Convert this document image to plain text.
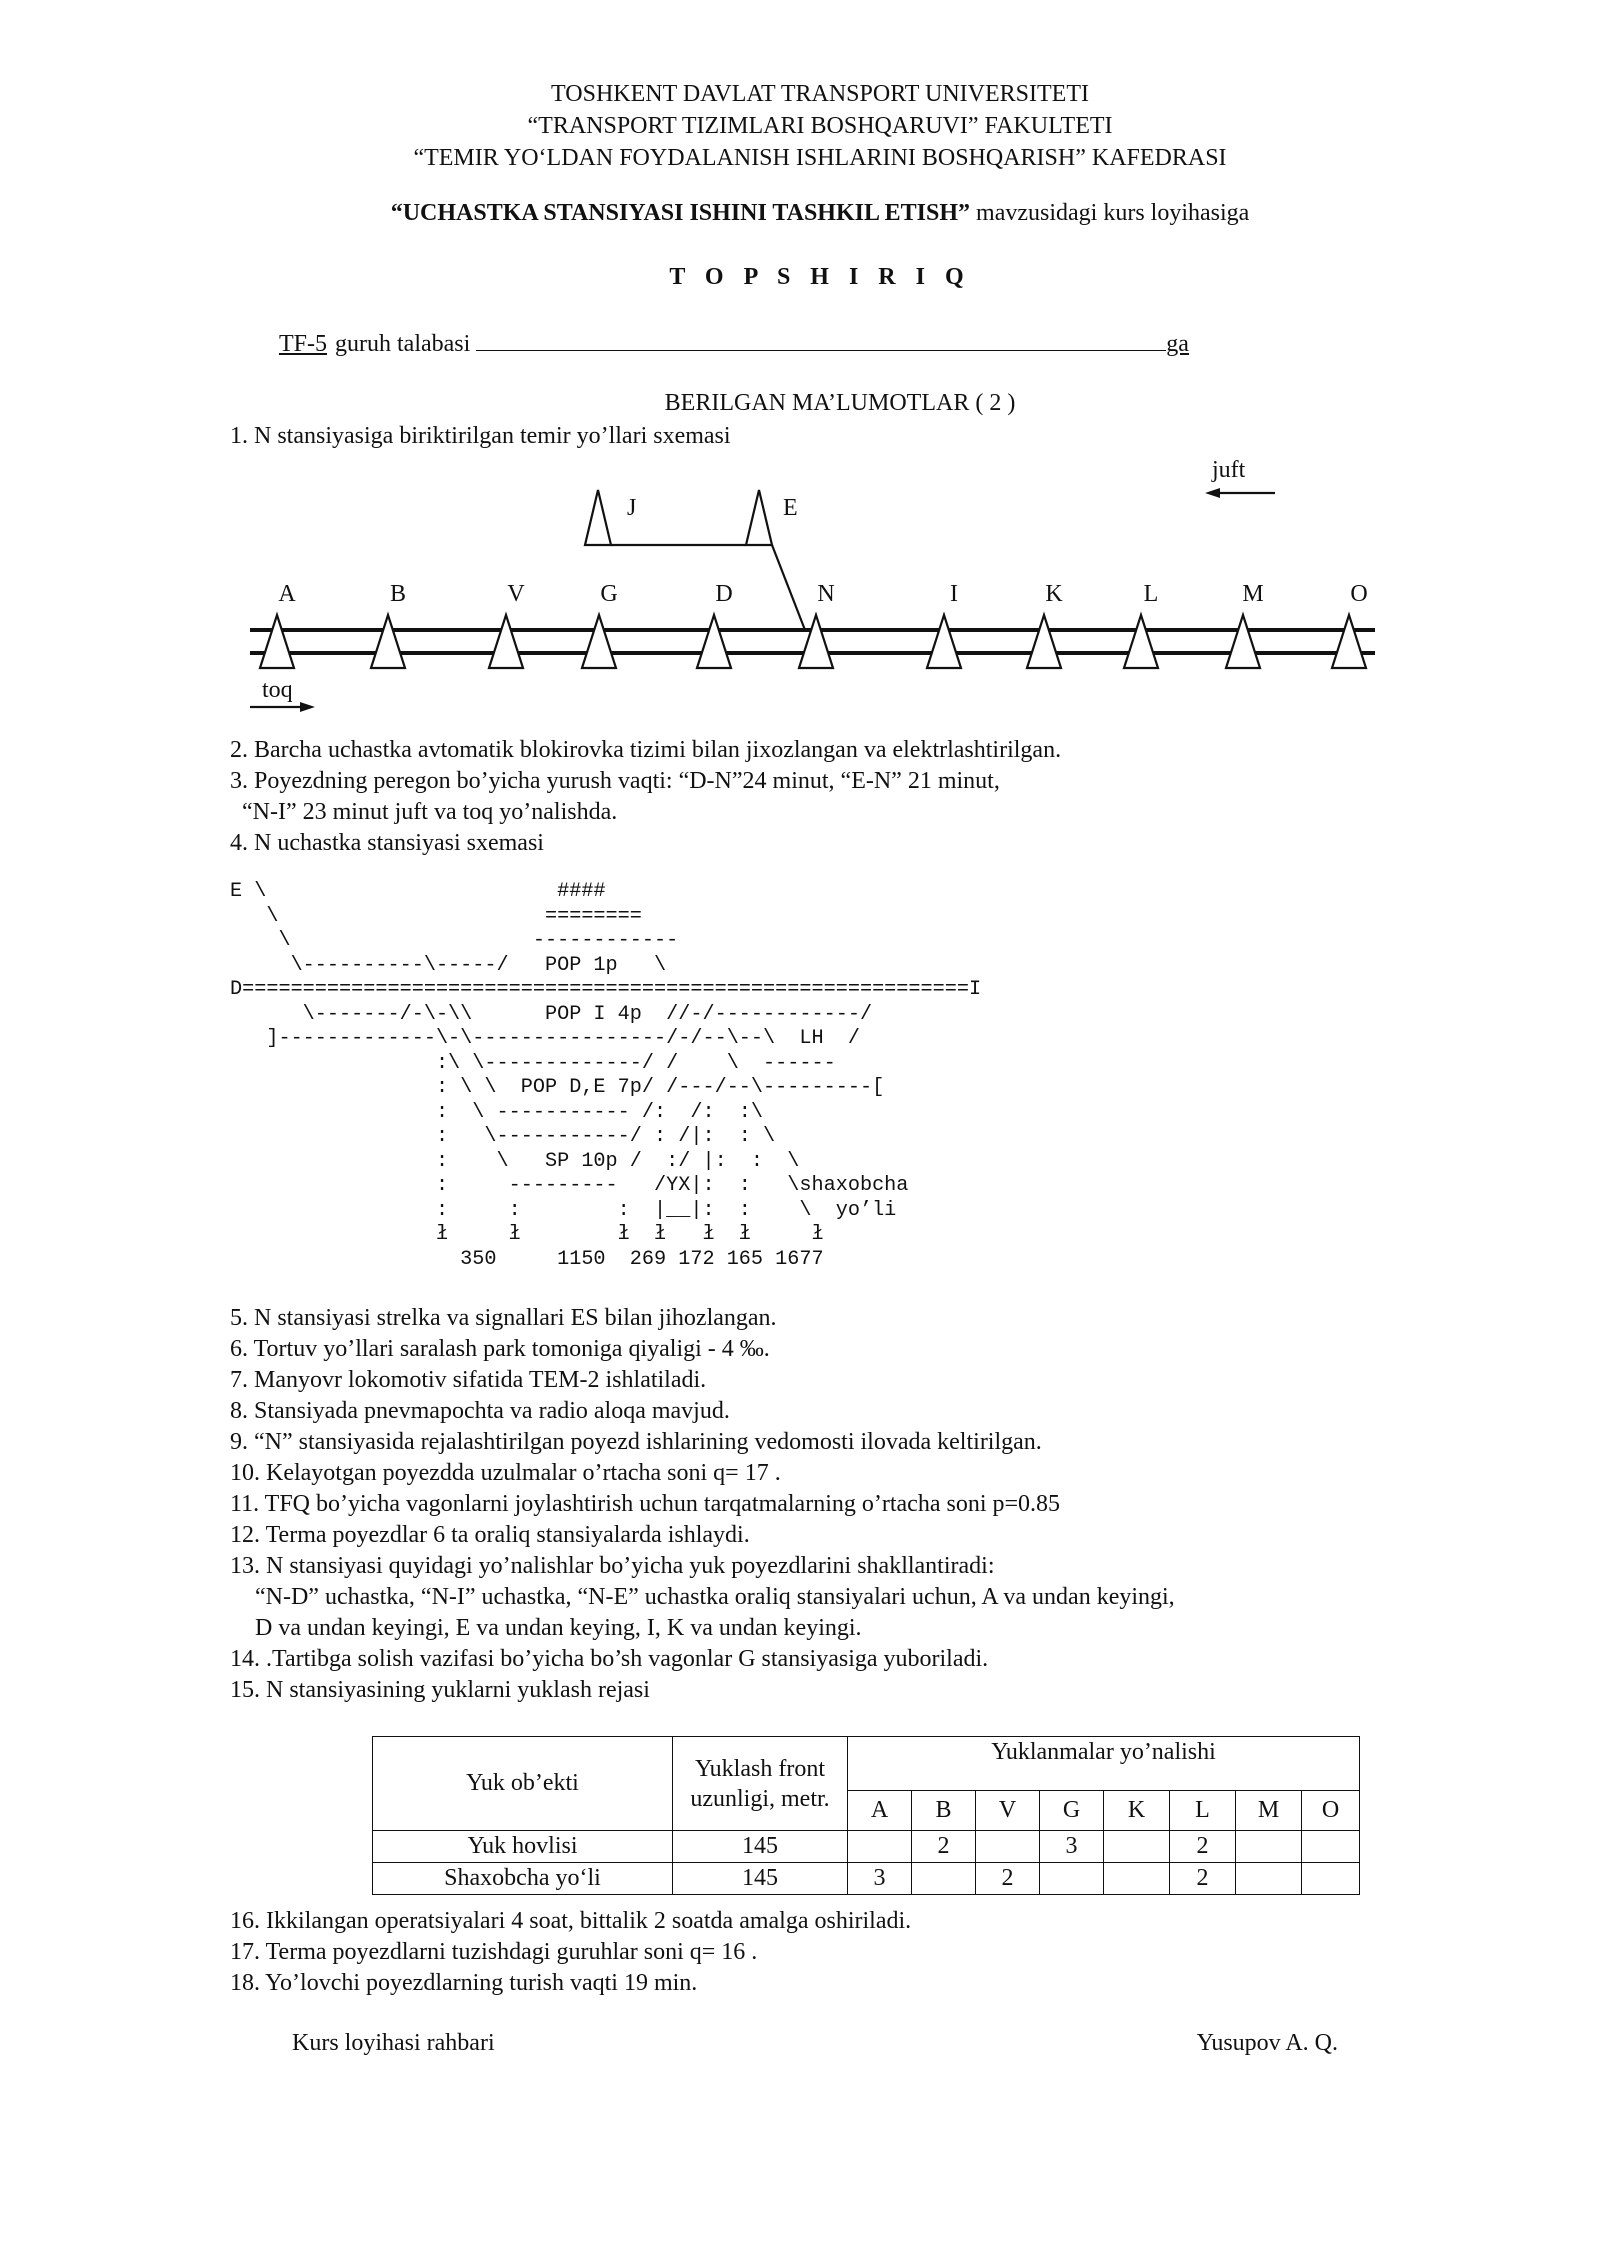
TOSHKENT DAVLAT TRANSPORT UNIVERSITETI
“TRANSPORT TIZIMLARI BOSHQARUVI” FAKULTETI
“TEMIR YO‘LDAN FOYDALANISH ISHLARINI BOSHQARISH” KAFEDRASI
“UCHASTKA STANSIYASI ISHINI TASHKIL ETISH” mavzusidagi kurs loyihasiga
T O P S H I R I Q
TF-5 guruh talabasi	ga
BERILGAN MA’LUMOTLAR ( 2 )
1. N stansiyasiga biriktirilgan temir yo’llari sxemasi
A	B	V	G	D	N	I	K	L	M	O
J	E
juft
toq
2. Barcha uchastka avtomatik blokirovka tizimi bilan jixozlangan va elektrlashtirilgan.
3. Poyezdning peregon bo’yicha yurush vaqti: “D-N”24 minut, “E-N” 21 minut,
“N-I” 23 minut juft va toq yo’nalishda.
4. N uchastka stansiyasi sxemasi
E \                        ####
\                      ========
\                    ------------
\----------\-----/   POP 1p   \
D============================================================I
\-------/-\-\\      POP I 4p  //-/------------/
]-------------\-\----------------/-/--\--\  LH  /
:\ \-------------/ /    \  ------
: \ \  POP D,E 7p/ /---/--\---------[
:  \ ----------- /:  /:  :\
:   \-----------/ : /|:  : \
:    \   SP 10p /  :/ |:  :  \
:     ---------   /YX|:  :   \shaxobcha
:     :        :  |__|:  :    \  yo’li
ł     ł        ł  ł   ł  ł     ł
350     1150  269 172 165 1677
5. N stansiyasi strelka va signallari ES bilan jihozlangan.
6. Tortuv yo’llari saralash park tomoniga qiyaligi - 4 ‰.
7. Manyovr lokomotiv sifatida TEM-2 ishlatiladi.
8. Stansiyada pnevmapochta va radio aloqa mavjud.
9. “N” stansiyasida rejalashtirilgan poyezd ishlarining vedomosti ilovada keltirilgan.
10. Kelayotgan poyezdda uzulmalar o’rtacha soni q= 17 .
11. TFQ bo’yicha vagonlarni joylashtirish uchun tarqatmalarning o’rtacha soni p=0.85
12. Terma poyezdlar 6 ta oraliq stansiyalarda ishlaydi.
13. N stansiyasi quyidagi yo’nalishlar bo’yicha yuk poyezdlarini shakllantiradi:
“N-D” uchastka, “N-I” uchastka, “N-E” uchastka oraliq stansiyalari uchun, A va undan keyingi,
D va undan keyingi, E va undan keying, I, K va undan keyingi.
14. .Tartibga solish vazifasi bo’yicha bo’sh vagonlar G stansiyasiga yuboriladi.
15. N stansiyasining yuklarni yuklash rejasi
Yuk ob’ekti	Yuklash front uzunligi, metr.	Yuklanmalar yo’nalishi							
		A	B	V	G	K	L	M	O
Yuk hovlisi	145		2		3		2		
Shaxobcha yo‘li	145	3		2			2		
16. Ikkilangan operatsiyalari 4 soat, bittalik 2 soatda amalga oshiriladi.
17. Terma poyezdlarni tuzishdagi guruhlar soni q= 16 .
18. Yo’lovchi poyezdlarning turish vaqti 19 min.
Kurs loyihasi rahbari	Yusupov A. Q.
